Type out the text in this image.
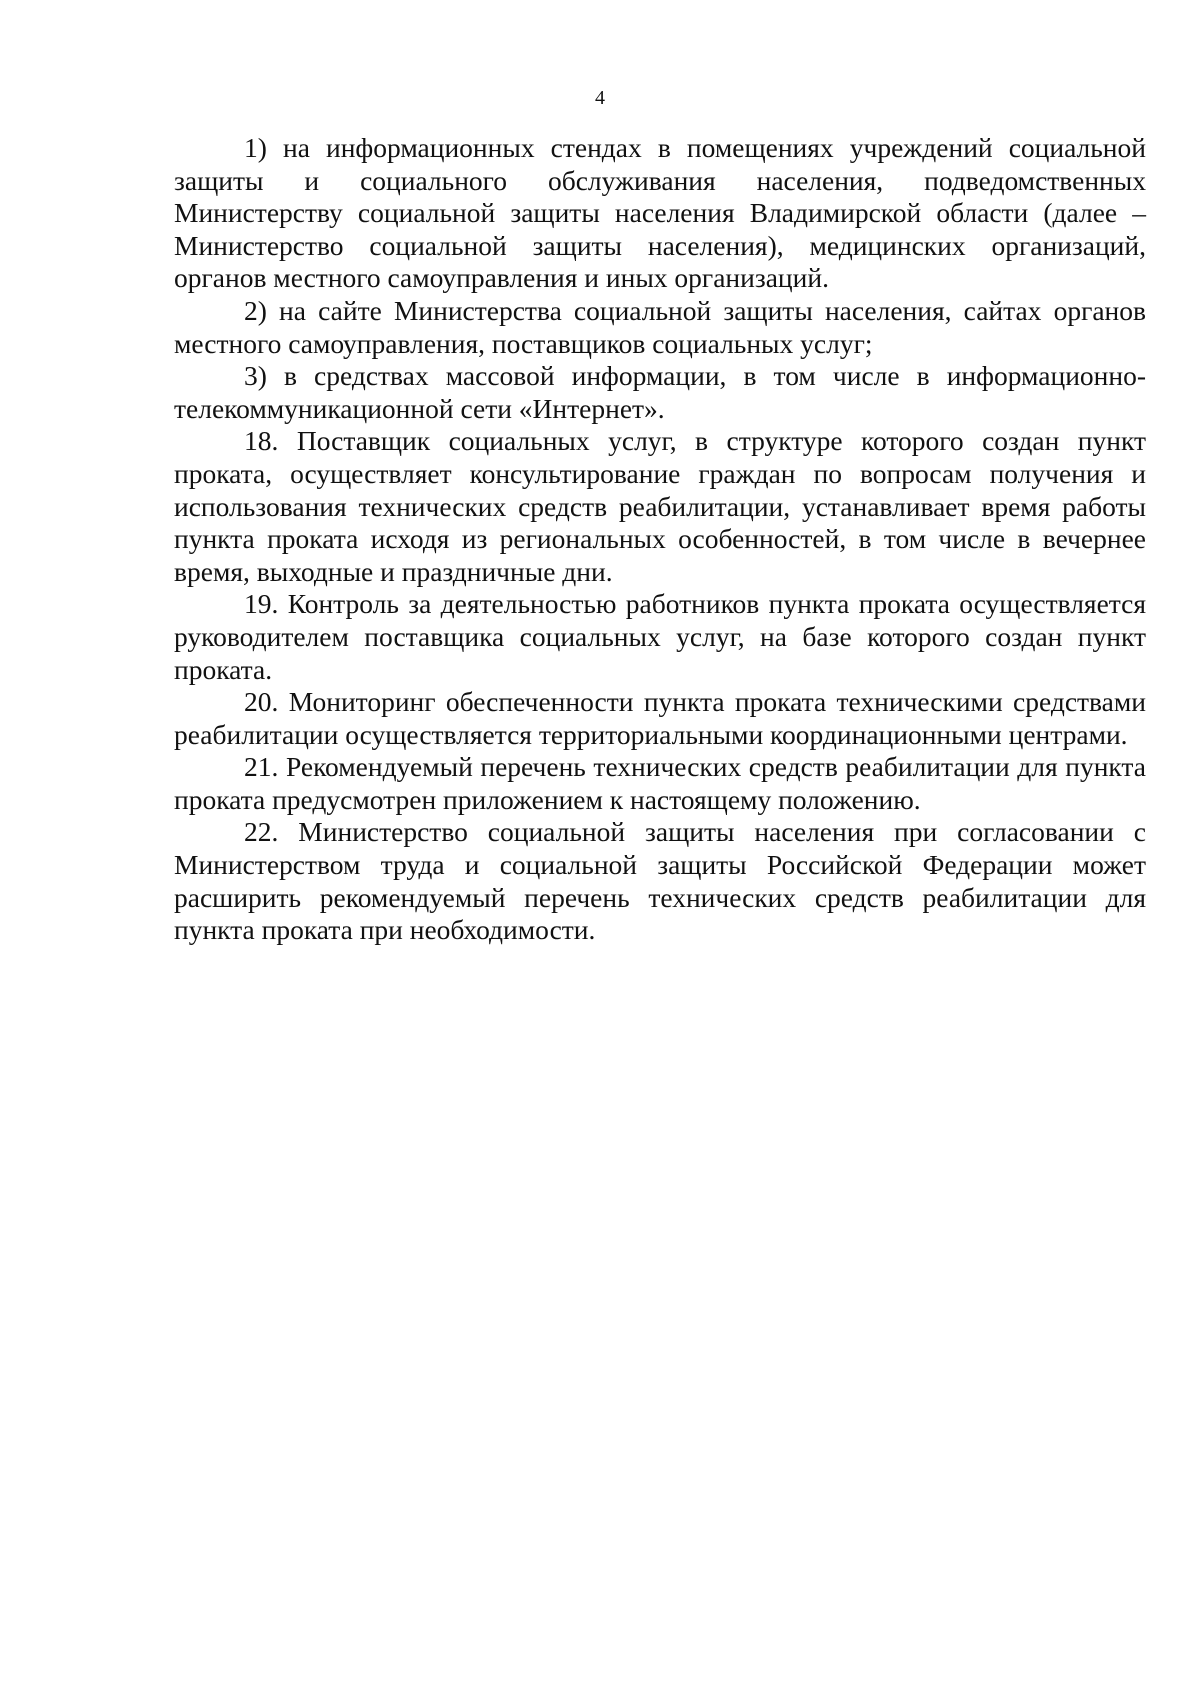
4

1) на информационных стендах в помещениях учреждений социальной защиты и социального обслуживания населения, подведомственных Министерству социальной защиты населения Владимирской области (далее – Министерство социальной защиты населения), медицинских организаций, органов местного самоуправления и иных организаций.

2) на сайте Министерства социальной защиты населения, сайтах органов местного самоуправления, поставщиков социальных услуг;

3) в средствах массовой информации, в том числе в информационно-телекоммуникационной сети «Интернет».

18. Поставщик социальных услуг, в структуре которого создан пункт проката, осуществляет консультирование граждан по вопросам получения и использования технических средств реабилитации, устанавливает время работы пункта проката исходя из региональных особенностей, в том числе в вечернее время, выходные и праздничные дни.

19. Контроль за деятельностью работников пункта проката осуществляется руководителем поставщика социальных услуг, на базе которого создан пункт проката.

20. Мониторинг обеспеченности пункта проката техническими средствами реабилитации осуществляется территориальными координационными центрами.

21. Рекомендуемый перечень технических средств реабилитации для пункта проката предусмотрен приложением к настоящему положению.

22. Министерство социальной защиты населения при согласовании с Министерством труда и социальной защиты Российской Федерации может расширить рекомендуемый перечень технических средств реабилитации для пункта проката при необходимости.
